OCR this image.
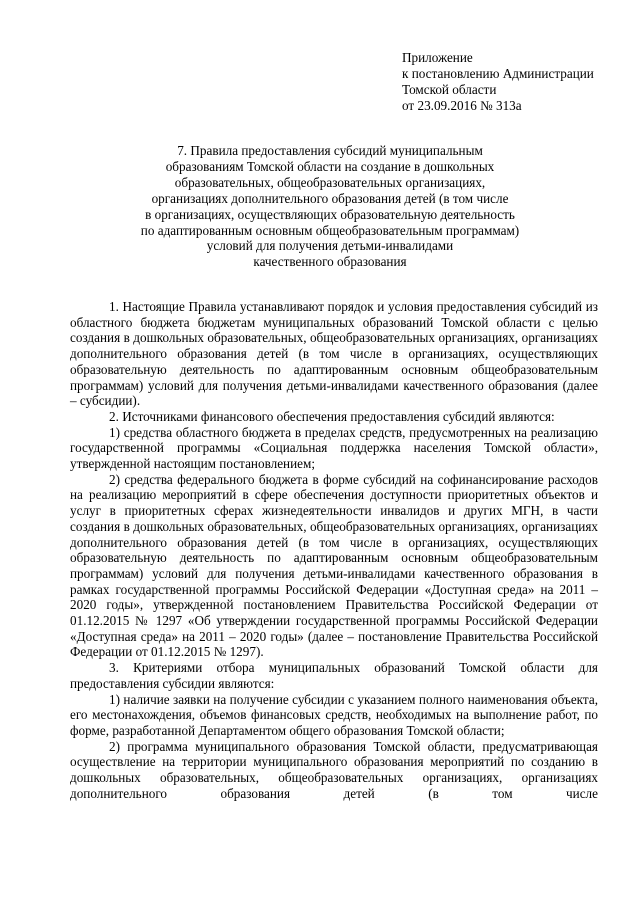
Приложение
к постановлению Администрации
Томской области
от 23.09.2016 № 313а
7. Правила предоставления субсидий муниципальным
образованиям Томской области на создание в дошкольных
образовательных, общеобразовательных организациях,
организациях дополнительного образования детей (в том числе
в организациях, осуществляющих образовательную деятельность
по адаптированным основным общеобразовательным программам)
условий для получения детьми-инвалидами
качественного образования

1. Настоящие Правила устанавливают порядок и условия предоставления субсидий из областного бюджета бюджетам муниципальных образований Томской области с целью создания в дошкольных образовательных, общеобразовательных организациях, организациях дополнительного образования детей (в том числе в организациях, осуществляющих образовательную деятельность по адаптированным основным общеобразовательным программам) условий для получения детьми-инвалидами качественного образования (далее – субсидии).

2. Источниками финансового обеспечения предоставления субсидий являются:

1) средства областного бюджета в пределах средств, предусмотренных на реализацию государственной программы «Социальная поддержка населения Томской области», утвержденной настоящим постановлением;

2) средства федерального бюджета в форме субсидий на софинансирование расходов на реализацию мероприятий в сфере обеспечения доступности приоритетных объектов и услуг в приоритетных сферах жизнедеятельности инвалидов и других МГН, в части создания в дошкольных образовательных, общеобразовательных организациях, организациях дополнительного образования детей (в том числе в организациях, осуществляющих образовательную деятельность по адаптированным основным общеобразовательным программам) условий для получения детьми-инвалидами качественного образования в рамках государственной программы Российской Федерации «Доступная среда» на 2011 – 2020 годы», утвержденной постановлением Правительства Российской Федерации от 01.12.2015 № 1297 «Об утверждении государственной программы Российской Федерации «Доступная среда» на 2011 – 2020 годы» (далее – постановление Правительства Российской Федерации от 01.12.2015 № 1297).

3. Критериями отбора муниципальных образований Томской области для предоставления субсидии являются:

1) наличие заявки на получение субсидии с указанием полного наименования объекта, его местонахождения, объемов финансовых средств, необходимых на выполнение работ, по форме, разработанной Департаментом общего образования Томской области;

2) программа муниципального образования Томской области, предусматривающая осуществление на территории муниципального образования мероприятий по созданию в дошкольных образовательных, общеобразовательных организациях, организациях дополнительного образования детей (в том числе
